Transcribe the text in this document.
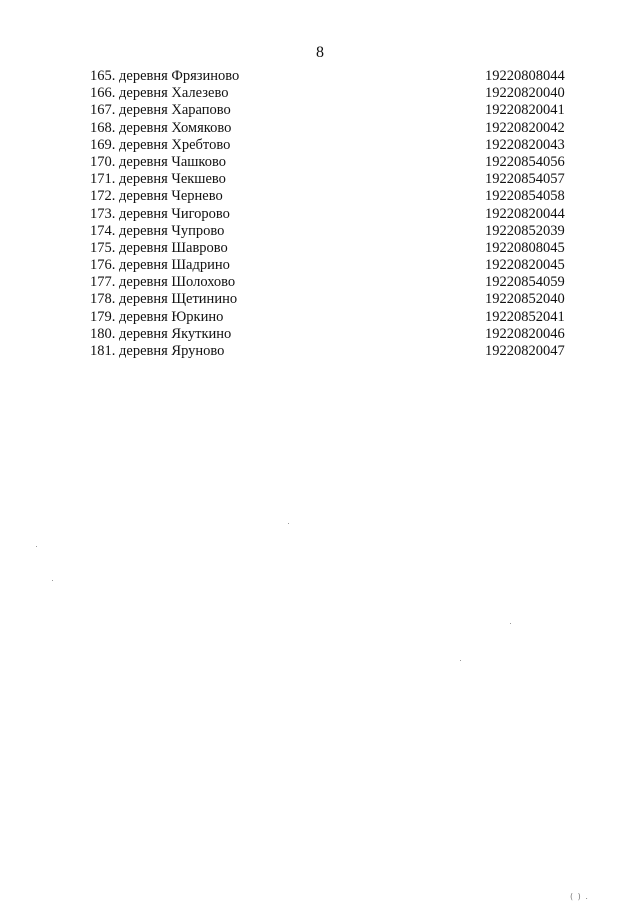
8
165. деревня Фрязиново	19220808044
166. деревня Халезево	19220820040
167. деревня Харапово	19220820041
168. деревня Хомяково	19220820042
169. деревня Хребтово	19220820043
170. деревня Чашково	19220854056
171. деревня Чекшево	19220854057
172. деревня Чернево	19220854058
173. деревня Чигорово	19220820044
174. деревня Чупрово	19220852039
175. деревня Шаврово	19220808045
176. деревня Шадрино	19220820045
177. деревня Шолохово	19220854059
178. деревня Щетинино	19220852040
179. деревня Юркино	19220852041
180. деревня Якуткино	19220820046
181. деревня Яруново	19220820047
( ) .
